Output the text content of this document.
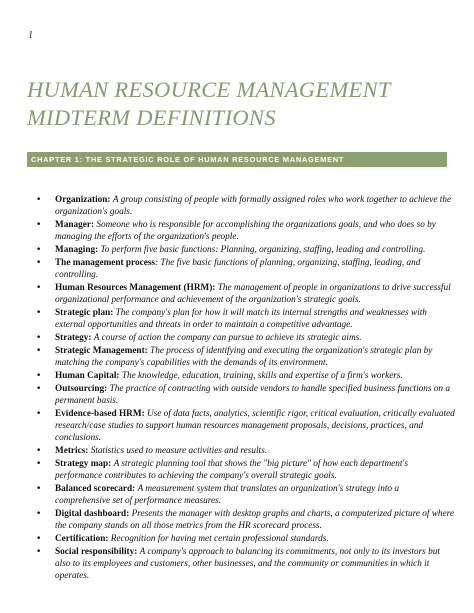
1
HUMAN RESOURCE MANAGEMENT MIDTERM DEFINITIONS
CHAPTER 1: THE STRATEGIC ROLE OF HUMAN RESOURCE MANAGEMENT
• Organization: A group consisting of people with formally assigned roles who work together to achieve the organization's goals.
• Manager: Someone who is responsible for accomplishing the organizations goals, and who does so by managing the efforts of the organization's people.
• Managing: To perform five basic functions: Planning, organizing, staffing, leading and controlling.
• The management process: The five basic functions of planning, organizing, staffing, leading, and controlling.
• Human Resources Management (HRM): The management of people in organizations to drive successful organizational performance and achievement of the organization's strategic goals.
• Strategic plan: The company's plan for how it will match its internal strengths and weaknesses with external opportunities and threats in order to maintain a competitive advantage.
• Strategy: A course of action the company can pursue to achieve its strategic aims.
• Strategic Management: The process of identifying and executing the organization's strategic plan by matching the company's capabilities with the demands of its environment.
• Human Capital: The knowledge, education, training, skills and expertise of a firm's workers.
• Outsourcing: The practice of contracting with outside vendors to handle specified business functions on a permanent basis.
• Evidence-based HRM: Use of data facts, analytics, scientific rigor, critical evaluation, critically evaluated research/case studies to support human resources management proposals, decisions, practices, and conclusions.
• Metrics: Statistics used to measure activities and results.
• Strategy map: A strategic planning tool that shows the "big picture" of how each department's performance contributes to achieving the company's overall strategic goals.
• Balanced scorecard: A measurement system that translates an organization's strategy into a comprehensive set of performance measures.
• Digital dashboard: Presents the manager with desktop graphs and charts, a computerized picture of where the company stands on all those metrics from the HR scorecard process.
• Certification: Recognition for having met certain professional standards.
• Social responsibility: A company's approach to balancing its commitments, not only to its investors but also to its employees and customers, other businesses, and the community or communities in which it operates.
